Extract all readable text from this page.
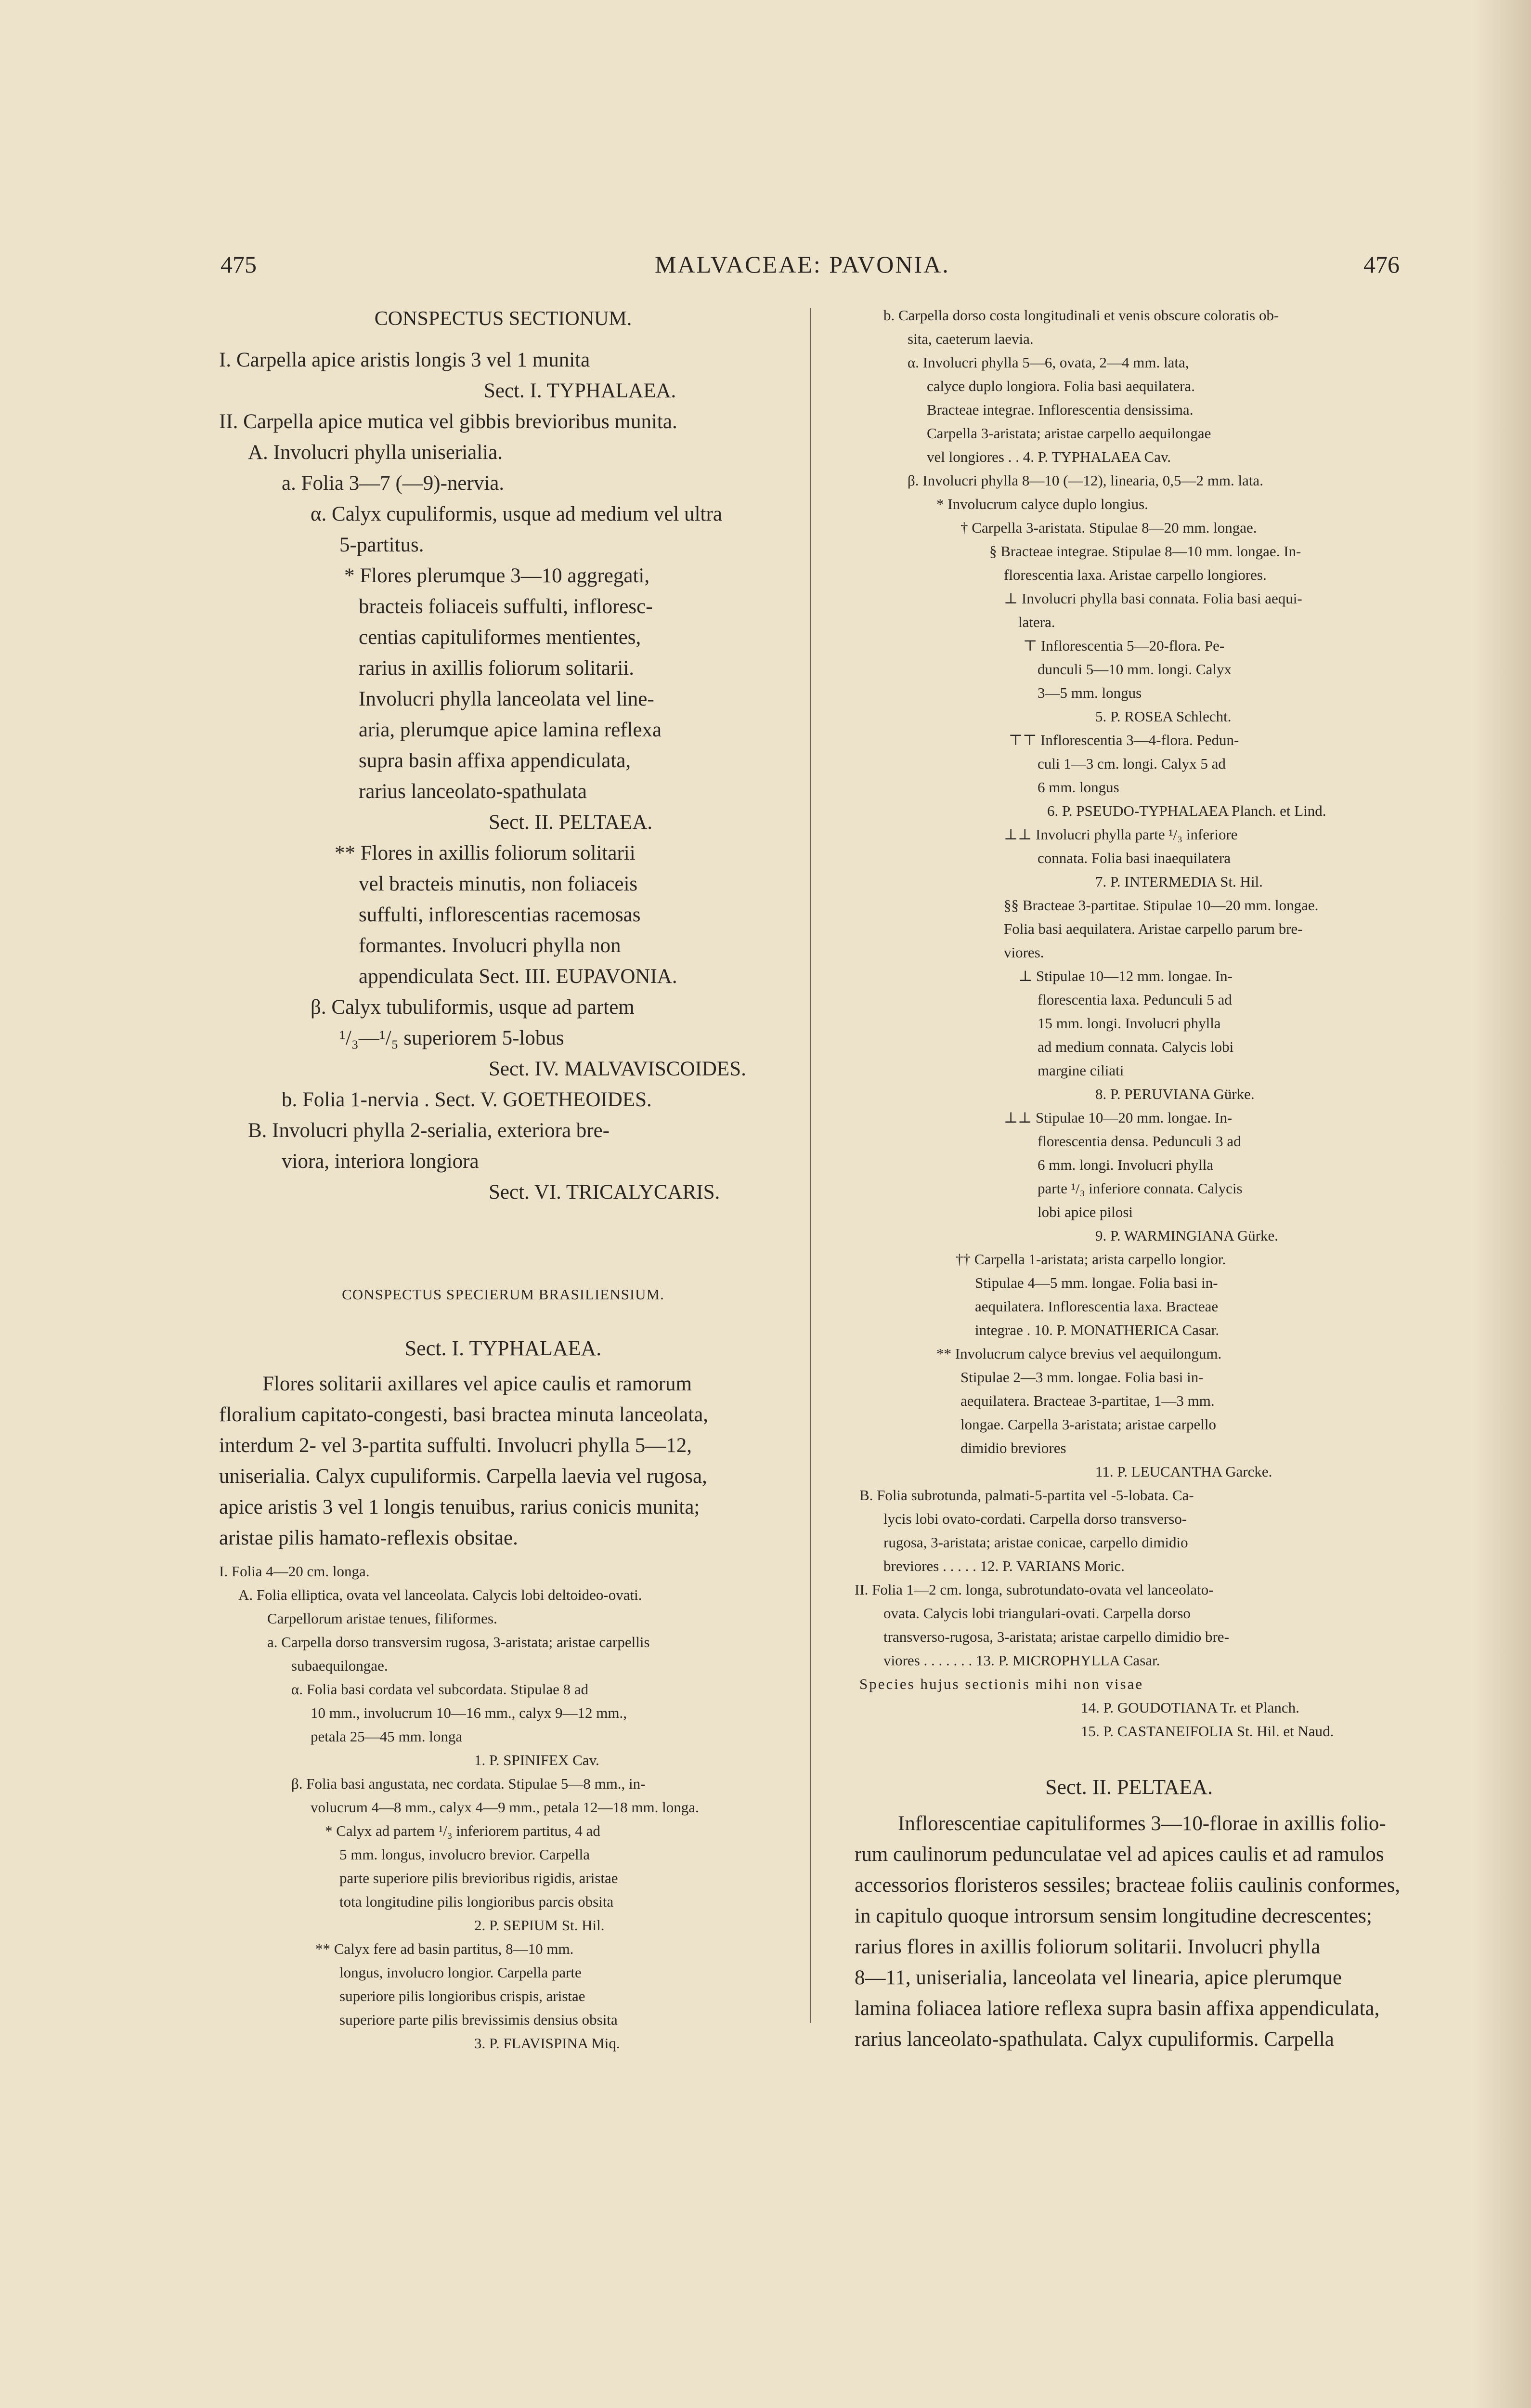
475	MALVACEAE: PAVONIA.	476
CONSPECTUS SECTIONUM.
I. Carpella apice aristis longis 3 vel 1 munita
Sect. I. TYPHALAEA.
II. Carpella apice mutica vel gibbis brevioribus munita.
A. Involucri phylla uniserialia.
a. Folia 3—7 (—9)-nervia.
α. Calyx cupuliformis, usque ad medium vel ultra
5-partitus.
* Flores plerumque 3—10 aggregati,
bracteis foliaceis suffulti, infloresc-
centias capituliformes mentientes,
rarius in axillis foliorum solitarii.
Involucri phylla lanceolata vel line-
aria, plerumque apice lamina reflexa
supra basin affixa appendiculata,
rarius lanceolato-spathulata
Sect. II. PELTAEA.
** Flores in axillis foliorum solitarii
vel bracteis minutis, non foliaceis
suffulti, inflorescentias racemosas
formantes. Involucri phylla non
appendiculata Sect. III. EUPAVONIA.
β. Calyx tubuliformis, usque ad partem
¹/₃—¹/₅ superiorem 5-lobus
Sect. IV. MALVAVISCOIDES.
b. Folia 1-nervia . Sect. V. GOETHEOIDES.
B. Involucri phylla 2-serialia, exteriora bre-
viora, interiora longiora
Sect. VI. TRICALYCARIS.
CONSPECTUS SPECIERUM BRASILIENSIUM.
Sect. I. TYPHALAEA.
Flores solitarii axillares vel apice caulis et ramorum
floralium capitato-congesti, basi bractea minuta lanceolata,
interdum 2- vel 3-partita suffulti. Involucri phylla 5—12,
uniserialia. Calyx cupuliformis. Carpella laevia vel rugosa,
apice aristis 3 vel 1 longis tenuibus, rarius conicis munita;
aristae pilis hamato-reflexis obsitae.
I. Folia 4—20 cm. longa.
A. Folia elliptica, ovata vel lanceolata. Calycis lobi deltoideo-ovati.
Carpellorum aristae tenues, filiformes.
a. Carpella dorso transversim rugosa, 3-aristata; aristae carpellis
subaequilongae.
α. Folia basi cordata vel subcordata. Stipulae 8 ad
10 mm., involucrum 10—16 mm., calyx 9—12 mm.,
petala 25—45 mm. longa
1. P. SPINIFEX Cav.
β. Folia basi angustata, nec cordata. Stipulae 5—8 mm., in-
volucrum 4—8 mm., calyx 4—9 mm., petala 12—18 mm. longa.
* Calyx ad partem ¹/₃ inferiorem partitus, 4 ad
5 mm. longus, involucro brevior. Carpella
parte superiore pilis brevioribus rigidis, aristae
tota longitudine pilis longioribus parcis obsita
2. P. SEPIUM St. Hil.
** Calyx fere ad basin partitus, 8—10 mm.
longus, involucro longior. Carpella parte
superiore pilis longioribus crispis, aristae
superiore parte pilis brevissimis densius obsita
3. P. FLAVISPINA Miq.
b. Carpella dorso costa longitudinali et venis obscure coloratis ob-
sita, caeterum laevia.
α. Involucri phylla 5—6, ovata, 2—4 mm. lata,
calyce duplo longiora. Folia basi aequilatera.
Bracteae integrae. Inflorescentia densissima.
Carpella 3-aristata; aristae carpello aequilongae
vel longiores . . 4. P. TYPHALAEA Cav.
β. Involucri phylla 8—10 (—12), linearia, 0,5—2 mm. lata.
* Involucrum calyce duplo longius.
† Carpella 3-aristata. Stipulae 8—20 mm. longae.
§ Bracteae integrae. Stipulae 8—10 mm. longae. In-
florescentia laxa. Aristae carpello longiores.
⊥ Involucri phylla basi connata. Folia basi aequi-
latera.
⊤ Inflorescentia 5—20-flora. Pe-
dunculi 5—10 mm. longi. Calyx
3—5 mm. longus
5. P. ROSEA Schlecht.
⊤⊤ Inflorescentia 3—4-flora. Pedun-
culi 1—3 cm. longi. Calyx 5 ad
6 mm. longus
6. P. PSEUDO-TYPHALAEA Planch. et Lind.
⊥⊥ Involucri phylla parte ¹/₃ inferiore
connata. Folia basi inaequilatera
7. P. INTERMEDIA St. Hil.
§§ Bracteae 3-partitae. Stipulae 10—20 mm. longae.
Folia basi aequilatera. Aristae carpello parum bre-
viores.
⊥ Stipulae 10—12 mm. longae. In-
florescentia laxa. Pedunculi 5 ad
15 mm. longi. Involucri phylla
ad medium connata. Calycis lobi
margine ciliati
8. P. PERUVIANA Gürke.
⊥⊥ Stipulae 10—20 mm. longae. In-
florescentia densa. Pedunculi 3 ad
6 mm. longi. Involucri phylla
parte ¹/₃ inferiore connata. Calycis
lobi apice pilosi
9. P. WARMINGIANA Gürke.
†† Carpella 1-aristata; arista carpello longior.
Stipulae 4—5 mm. longae. Folia basi in-
aequilatera. Inflorescentia laxa. Bracteae
integrae . 10. P. MONATHERICA Casar.
** Involucrum calyce brevius vel aequilongum.
Stipulae 2—3 mm. longae. Folia basi in-
aequilatera. Bracteae 3-partitae, 1—3 mm.
longae. Carpella 3-aristata; aristae carpello
dimidio breviores
11. P. LEUCANTHA Garcke.
B. Folia subrotunda, palmati-5-partita vel -5-lobata. Ca-
lycis lobi ovato-cordati. Carpella dorso transverso-
rugosa, 3-aristata; aristae conicae, carpello dimidio
breviores . . . . . 12. P. VARIANS Moric.
II. Folia 1—2 cm. longa, subrotundato-ovata vel lanceolato-
ovata. Calycis lobi triangulari-ovati. Carpella dorso
transverso-rugosa, 3-aristata; aristae carpello dimidio bre-
viores . . . . . . . 13. P. MICROPHYLLA Casar.
Species hujus sectionis mihi non visae
14. P. GOUDOTIANA Tr. et Planch.
15. P. CASTANEIFOLIA St. Hil. et Naud.
Sect. II. PELTAEA.
Inflorescentiae capituliformes 3—10-florae in axillis folio-
rum caulinorum pedunculatae vel ad apices caulis et ad ramulos
accessorios floristeros sessiles; bracteae foliis caulinis conformes,
in capitulo quoque introrsum sensim longitudine decrescentes;
rarius flores in axillis foliorum solitarii. Involucri phylla
8—11, uniserialia, lanceolata vel linearia, apice plerumque
lamina foliacea latiore reflexa supra basin affixa appendiculata,
rarius lanceolato-spathulata. Calyx cupuliformis. Carpella
